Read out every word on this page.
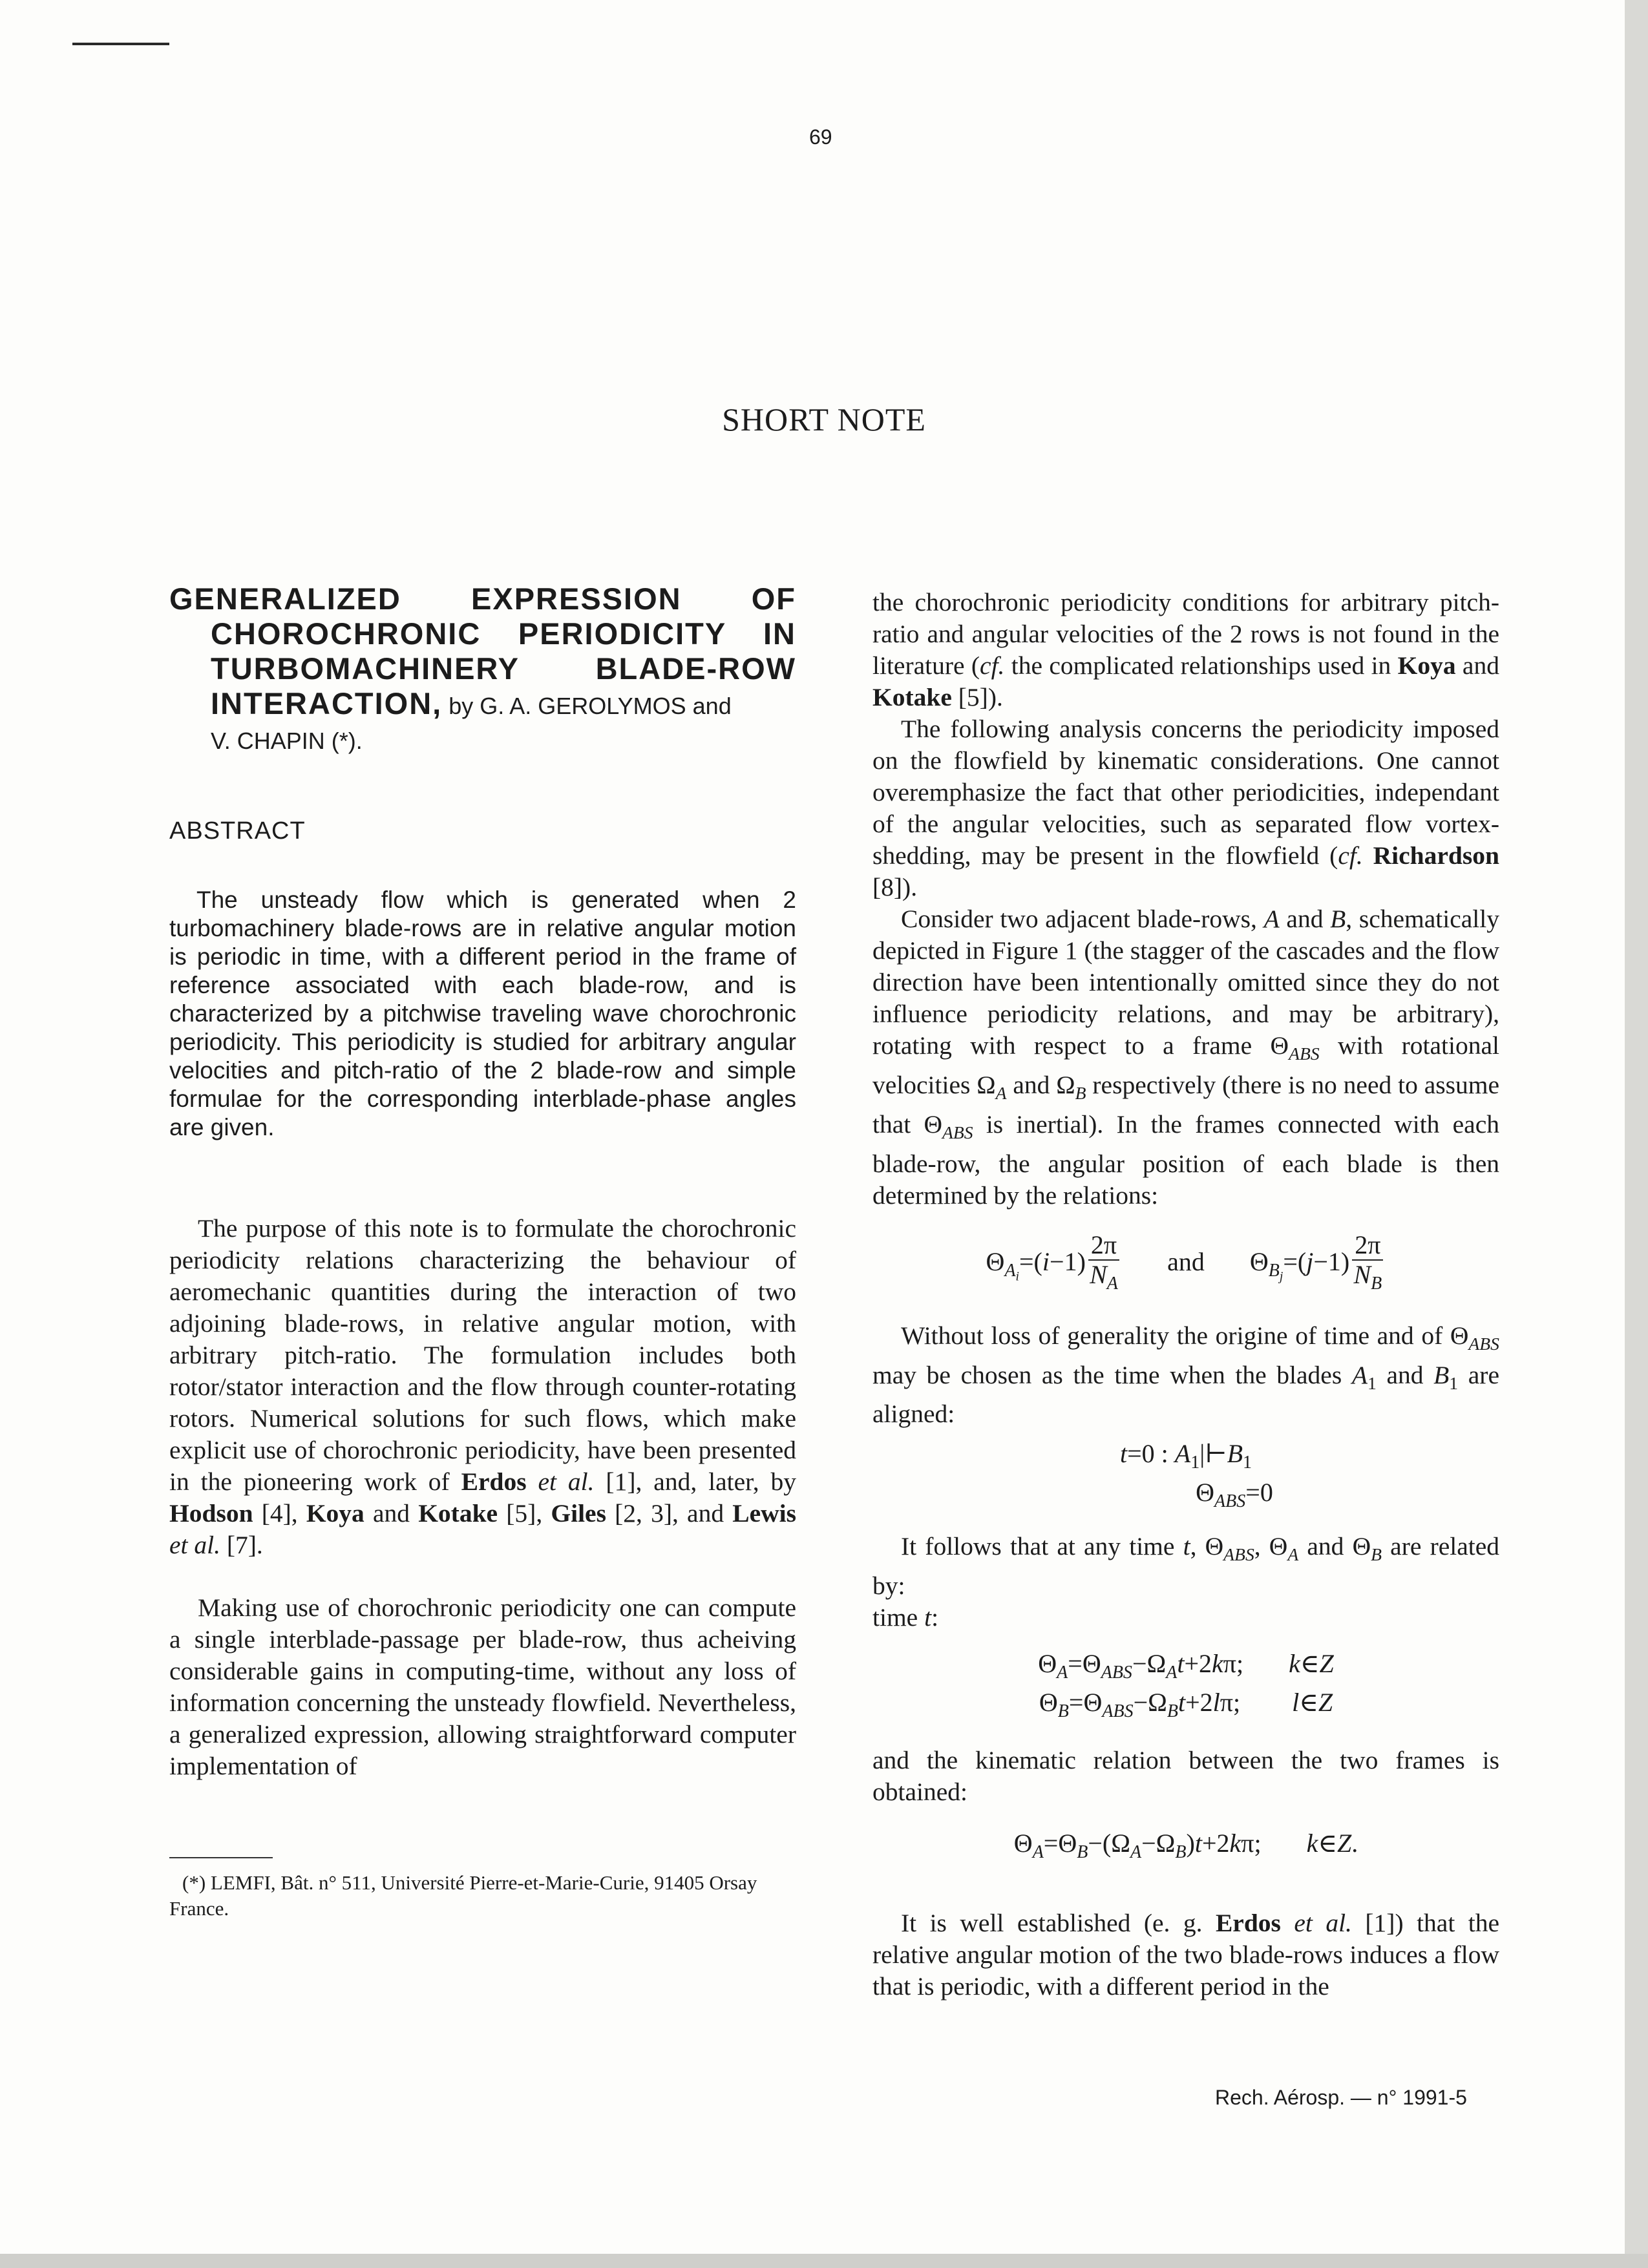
69
SHORT NOTE

GENERALIZED EXPRESSION OF

CHOROCHRONIC PERIODICITY IN

TURBOMACHINERY BLADE-ROW

INTERACTION, by G. A. GEROLYMOS and

V. CHAPIN (*).

ABSTRACT

The unsteady flow which is generated when 2 turbomachinery blade-rows are in relative angular motion is periodic in time, with a different period in the frame of reference associated with each blade-row, and is characterized by a pitchwise traveling wave chorochronic periodicity. This periodicity is studied for arbitrary angular velocities and pitch-ratio of the 2 blade-row and simple formulae for the corresponding interblade-phase angles are given.

The purpose of this note is to formulate the chorochronic periodicity relations characterizing the behaviour of aeromechanic quantities during the interaction of two adjoining blade-rows, in relative angular motion, with arbitrary pitch-ratio. The formulation includes both rotor/stator interaction and the flow through counter-rotating rotors. Numerical solutions for such flows, which make explicit use of chorochronic periodicity, have been presented in the pioneering work of Erdos et al. [1], and, later, by Hodson [4], Koya and Kotake [5], Giles [2, 3], and Lewis et al. [7].

Making use of chorochronic periodicity one can compute a single interblade-passage per blade-row, thus acheiving considerable gains in computing-time, without any loss of information concerning the unsteady flowfield. Nevertheless, a generalized expression, allowing straightforward computer implementation of

(*) LEMFI, Bât. n° 511, Université Pierre-et-Marie-Curie, 91405 Orsay France.

the chorochronic periodicity conditions for arbitrary pitch-ratio and angular velocities of the 2 rows is not found in the literature (cf. the complicated relationships used in Koya and Kotake [5]).

The following analysis concerns the periodicity imposed on the flowfield by kinematic considerations. One cannot overemphasize the fact that other periodicities, independant of the angular velocities, such as separated flow vortex-shedding, may be present in the flowfield (cf. Richardson [8]).

Consider two adjacent blade-rows, A and B, schematically depicted in Figure 1 (the stagger of the cascades and the flow direction have been intentionally omitted since they do not influence periodicity relations, and may be arbitrary), rotating with respect to a frame $\Theta_{ABS}$ with rotational velocities $\Omega_A$ and $\Omega_B$ respectively (there is no need to assume that $\Theta_{ABS}$ is inertial). In the frames connected with each blade-row, the angular position of each blade is then determined by the relations:

$\Theta_{A_i}=(i-1) \frac{2\pi}{N_A}$ and       $\Theta_{B_j}=(j-1) \frac{2\pi}{N_B}$

Without loss of generality the origine of time and of $\Theta_{ABS}$ may be chosen as the time when the blades $A_1$ and $B_1$ are aligned:

t=0 : $A_1|⊢B_1$
$\Theta_{ABS}=0$

It follows that at any time t, $\Theta_{ABS}$, $\Theta_A$ and $\Theta_B$ are related by:
time t:

$\Theta_A=\Theta_{ABS}-\Omega_At+2k\pi$;       k∈Z
$\Theta_B=\Theta_{ABS}-\Omega_Bt+2l\pi$;        l∈Z

and the kinematic relation between the two frames is obtained:

$\Theta_A=\Theta_B-(\Omega_A-\Omega_B)t+2k\pi$;       k∈Z.

It is well established (e. g. Erdos et al. [1]) that the relative angular motion of the two blade-rows induces a flow that is periodic, with a different period in the

Rech. Aérosp. — n° 1991-5
